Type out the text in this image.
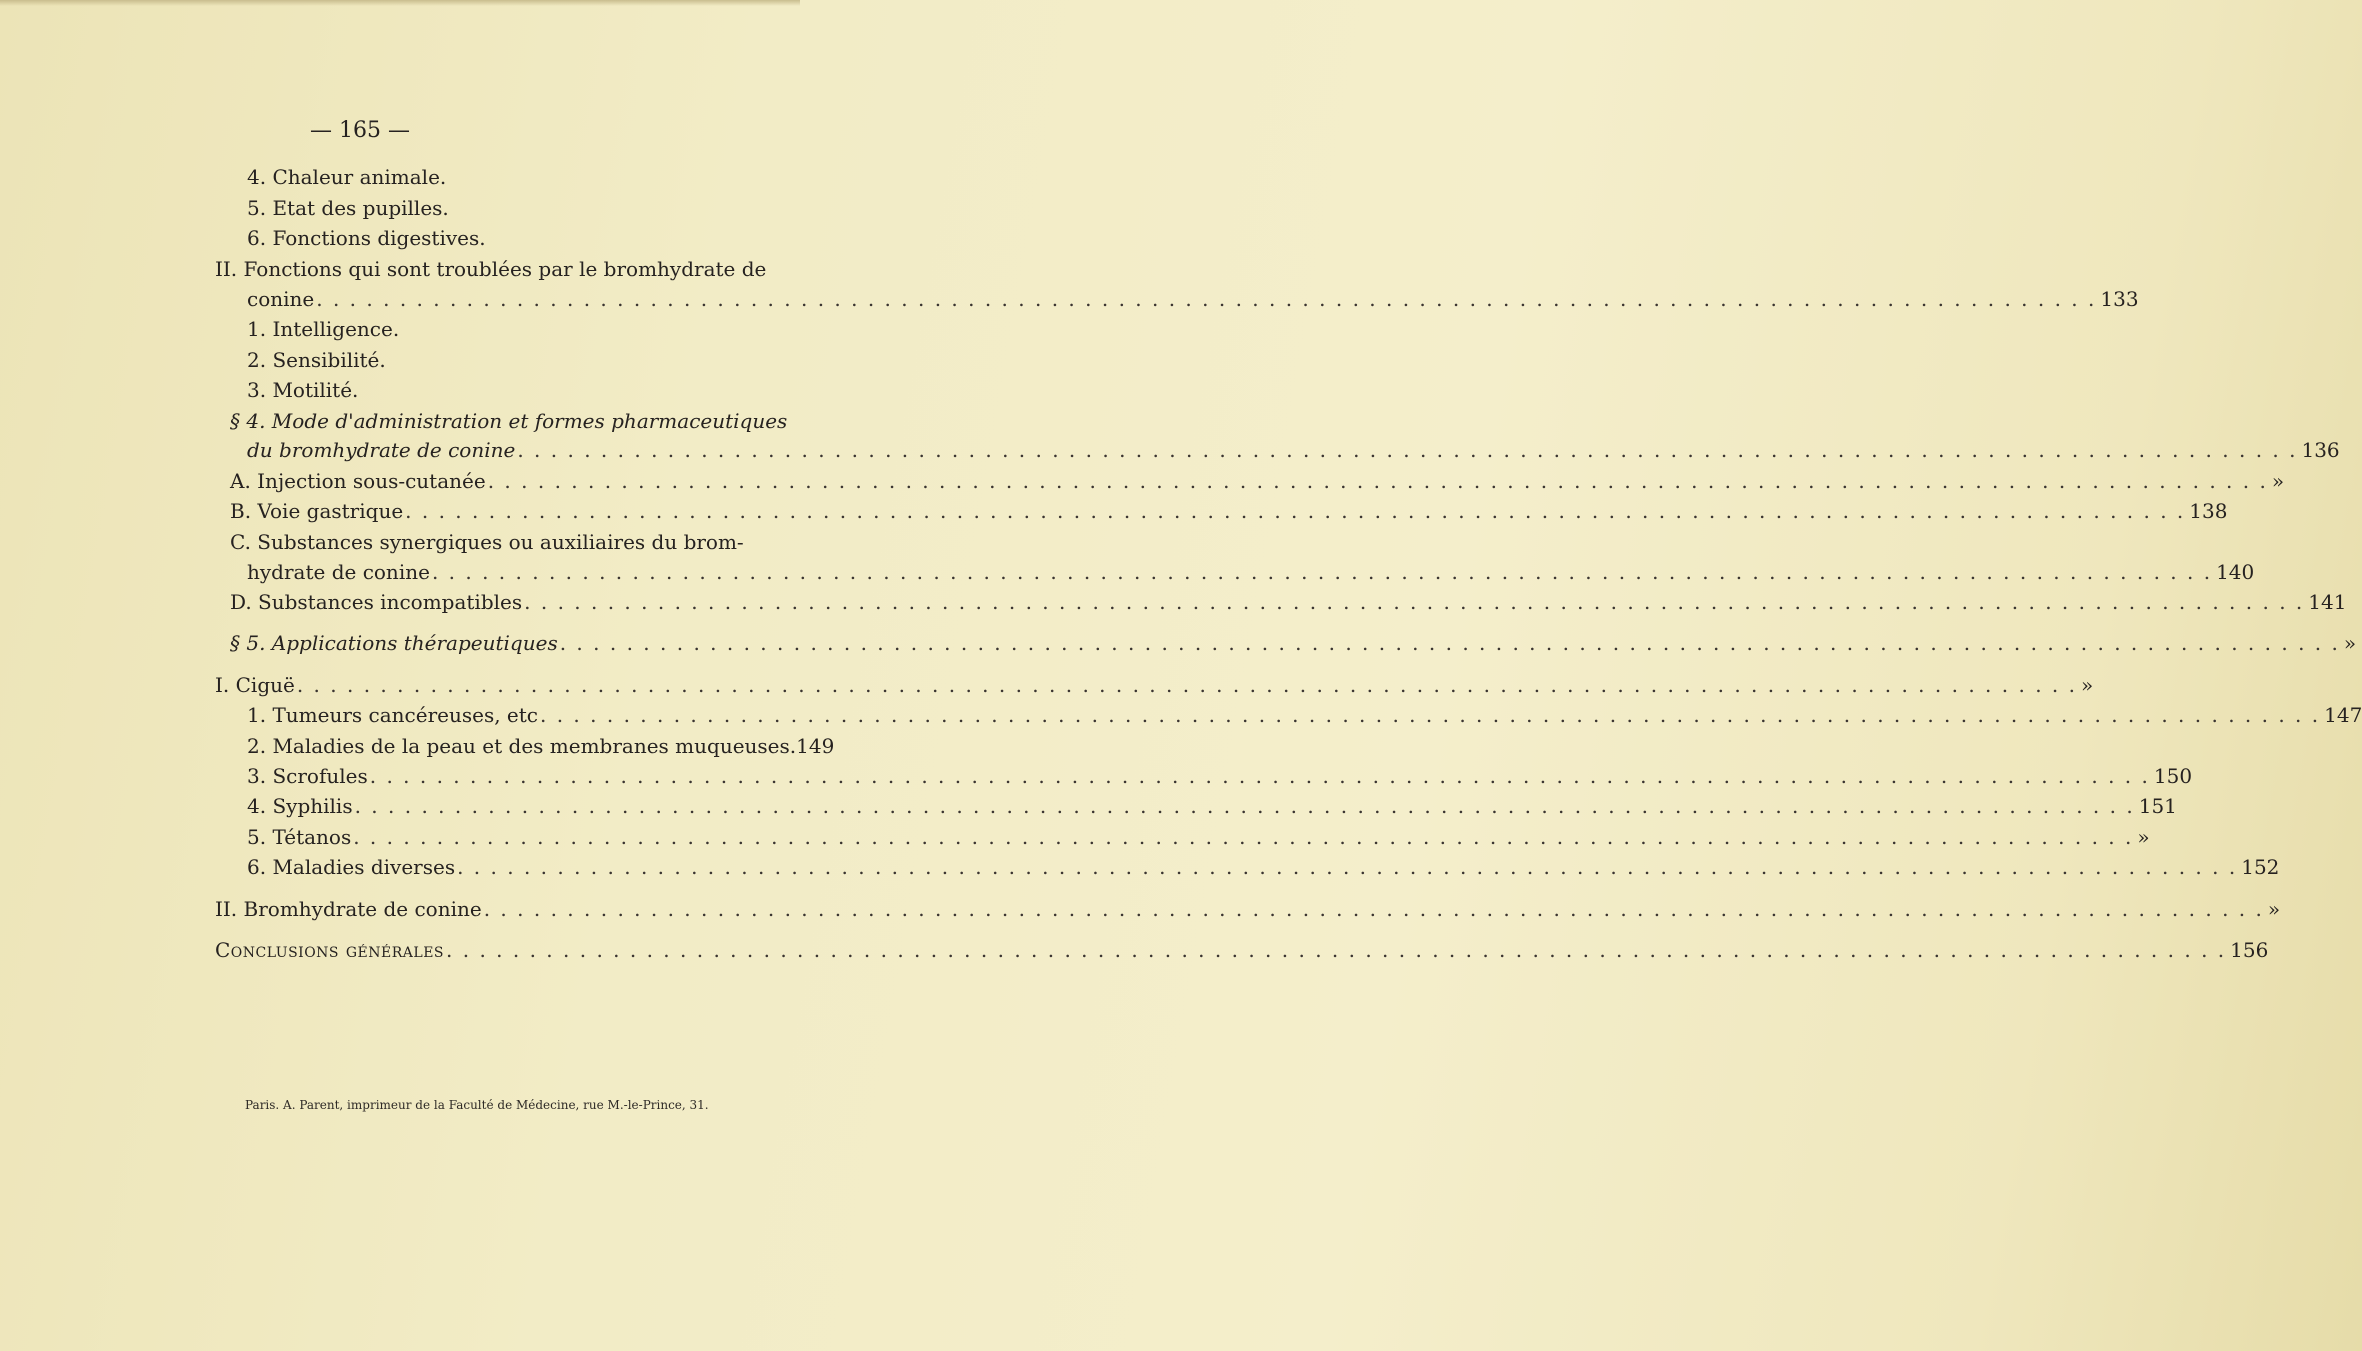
— 165 —
4. Chaleur animale.
5. Etat des pupilles.
6. Fonctions digestives.
II. Fonctions qui sont troublées par le bromhydrate de
conine . . .	133
1. Intelligence.
2. Sensibilité.
3. Motilité.
§ 4. Mode d'administration et formes pharmaceutiques
du bromhydrate de conine . . .	136
A. Injection sous-cutanée . . .	»
B. Voie gastrique . . .	138
C. Substances synergiques ou auxiliaires du brom-
hydrate de conine . . .	140
D. Substances incompatibles . . .	141
§ 5. Applications thérapeutiques . . .	»
I. Ciguë . . .	»
1. Tumeurs cancéreuses, etc . . .	147
2. Maladies de la peau et des membranes muqueuses. 149
3. Scrofules . . .	150
4. Syphilis . . .	151
5. Tétanos . . .	»
6. Maladies diverses . . .	152
II. Bromhydrate de conine . . .	»
Conclusions générales . . .	156
Paris. A. Parent, imprimeur de la Faculté de Médecine, rue M.-le-Prince, 31.
